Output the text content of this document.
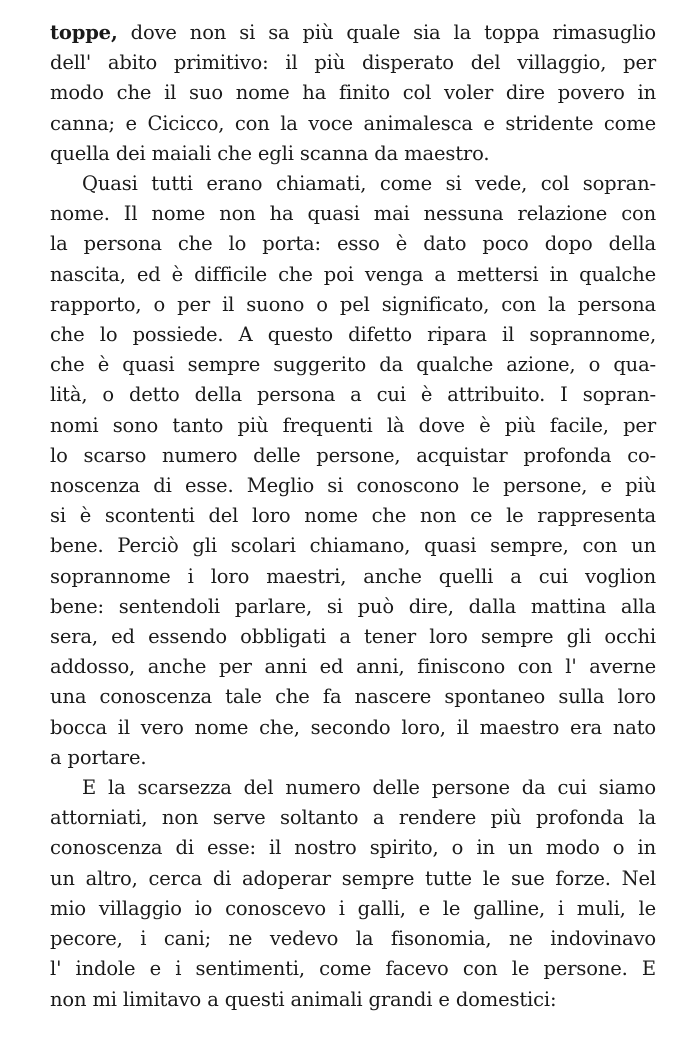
toppe, dove non si sa più quale sia la toppa rimasuglio
dell' abito primitivo: il più disperato del villaggio, per
modo che il suo nome ha finito col voler dire povero in
canna; e Cicicco, con la voce animalesca e stridente come
quella dei maiali che egli scanna da maestro.
Quasi tutti erano chiamati, come si vede, col sopran-
nome. Il nome non ha quasi mai nessuna relazione con
la persona che lo porta: esso è dato poco dopo della
nascita, ed è difficile che poi venga a mettersi in qualche
rapporto, o per il suono o pel significato, con la persona
che lo possiede. A questo difetto ripara il soprannome,
che è quasi sempre suggerito da qualche azione, o qua-
lità, o detto della persona a cui è attribuito. I sopran-
nomi sono tanto più frequenti là dove è più facile, per
lo scarso numero delle persone, acquistar profonda co-
noscenza di esse. Meglio si conoscono le persone, e più
si è scontenti del loro nome che non ce le rappresenta
bene. Perciò gli scolari chiamano, quasi sempre, con un
soprannome i loro maestri, anche quelli a cui voglion
bene: sentendoli parlare, si può dire, dalla mattina alla
sera, ed essendo obbligati a tener loro sempre gli occhi
addosso, anche per anni ed anni, finiscono con l' averne
una conoscenza tale che fa nascere spontaneo sulla loro
bocca il vero nome che, secondo loro, il maestro era nato
a portare.
E la scarsezza del numero delle persone da cui siamo
attorniati, non serve soltanto a rendere più profonda la
conoscenza di esse: il nostro spirito, o in un modo o in
un altro, cerca di adoperar sempre tutte le sue forze. Nel
mio villaggio io conoscevo i galli, e le galline, i muli, le
pecore, i cani; ne vedevo la fisonomia, ne indovinavo
l' indole e i sentimenti, come facevo con le persone. E
non mi limitavo a questi animali grandi e domestici:
